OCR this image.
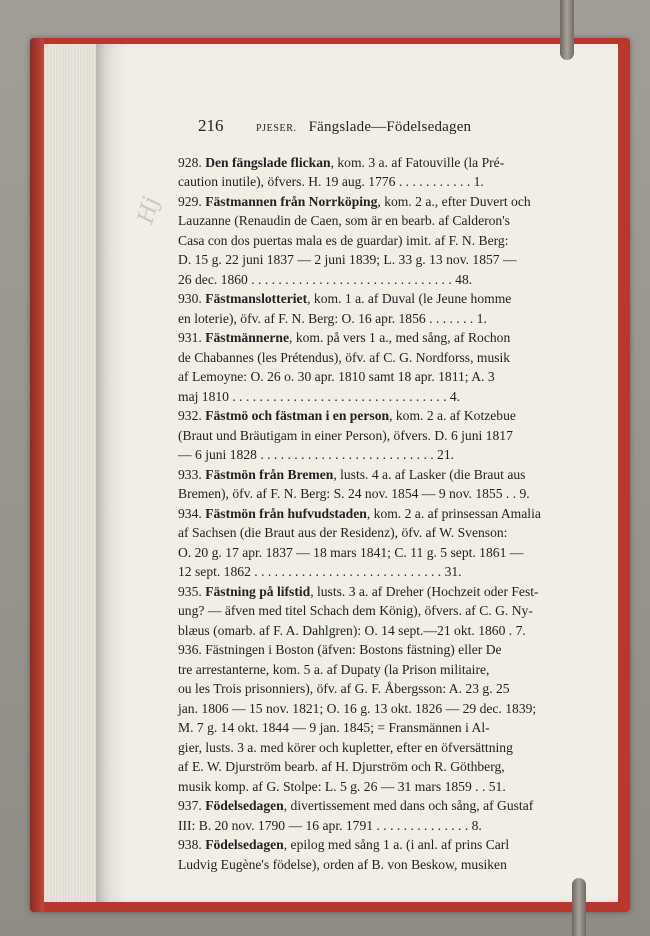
Hj
216	PJESER. Fängslade—Födelsedagen
928. Den fängslade flickan, kom. 3 a. af Fatouville (la Pré-
caution inutile), öfvers. H. 19 aug. 1776 . . . . . . . . . . . 1.
929. Fästmannen från Norrköping, kom. 2 a., efter Duvert och
Lauzanne (Renaudin de Caen, som är en bearb. af Calderon's
Casa con dos puertas mala es de guardar) imit. af F. N. Berg:
D. 15 g. 22 juni 1837 — 2 juni 1839; L. 33 g. 13 nov. 1857 —
26 dec. 1860 . . . . . . . . . . . . . . . . . . . . . . . . . . . . . . 48.
930. Fästmanslotteriet, kom. 1 a. af Duval (le Jeune homme
en loterie), öfv. af F. N. Berg: O. 16 apr. 1856 . . . . . . . 1.
931. Fästmännerne, kom. på vers 1 a., med sång, af Rochon
de Chabannes (les Prétendus), öfv. af C. G. Nordforss, musik
af Lemoyne: O. 26 o. 30 apr. 1810 samt 18 apr. 1811; A. 3
maj 1810 . . . . . . . . . . . . . . . . . . . . . . . . . . . . . . . . 4.
932. Fästmö och fästman i en person, kom. 2 a. af Kotzebue
(Braut und Bräutigam in einer Person), öfvers. D. 6 juni 1817
— 6 juni 1828 . . . . . . . . . . . . . . . . . . . . . . . . . . 21.
933. Fästmön från Bremen, lusts. 4 a. af Lasker (die Braut aus
Bremen), öfv. af F. N. Berg: S. 24 nov. 1854 — 9 nov. 1855 . . 9.
934. Fästmön från hufvudstaden, kom. 2 a. af prinsessan Amalia
af Sachsen (die Braut aus der Residenz), öfv. af W. Svenson:
O. 20 g. 17 apr. 1837 — 18 mars 1841; C. 11 g. 5 sept. 1861 —
12 sept. 1862 . . . . . . . . . . . . . . . . . . . . . . . . . . . . 31.
935. Fästning på lifstid, lusts. 3 a. af Dreher (Hochzeit oder Fest-
ung? — äfven med titel Schach dem König), öfvers. af C. G. Ny-
blæus (omarb. af F. A. Dahlgren): O. 14 sept.—21 okt. 1860 . 7.
936. Fästningen i Boston (äfven: Bostons fästning) eller De
tre arrestanterne, kom. 5 a. af Dupaty (la Prison militaire,
ou les Trois prisonniers), öfv. af G. F. Åbergsson: A. 23 g. 25
jan. 1806 — 15 nov. 1821; O. 16 g. 13 okt. 1826 — 29 dec. 1839;
M. 7 g. 14 okt. 1844 — 9 jan. 1845; = Fransmännen i Al-
gier, lusts. 3 a. med körer och kupletter, efter en öfversättning
af E. W. Djurström bearb. af H. Djurström och R. Göthberg,
musik komp. af G. Stolpe: L. 5 g. 26 — 31 mars 1859 . . 51.
937. Födelsedagen, divertissement med dans och sång, af Gustaf
III: B. 20 nov. 1790 — 16 apr. 1791 . . . . . . . . . . . . . . 8.
938. Födelsedagen, epilog med sång 1 a. (i anl. af prins Carl
Ludvig Eugène's födelse), orden af B. von Beskow, musiken
